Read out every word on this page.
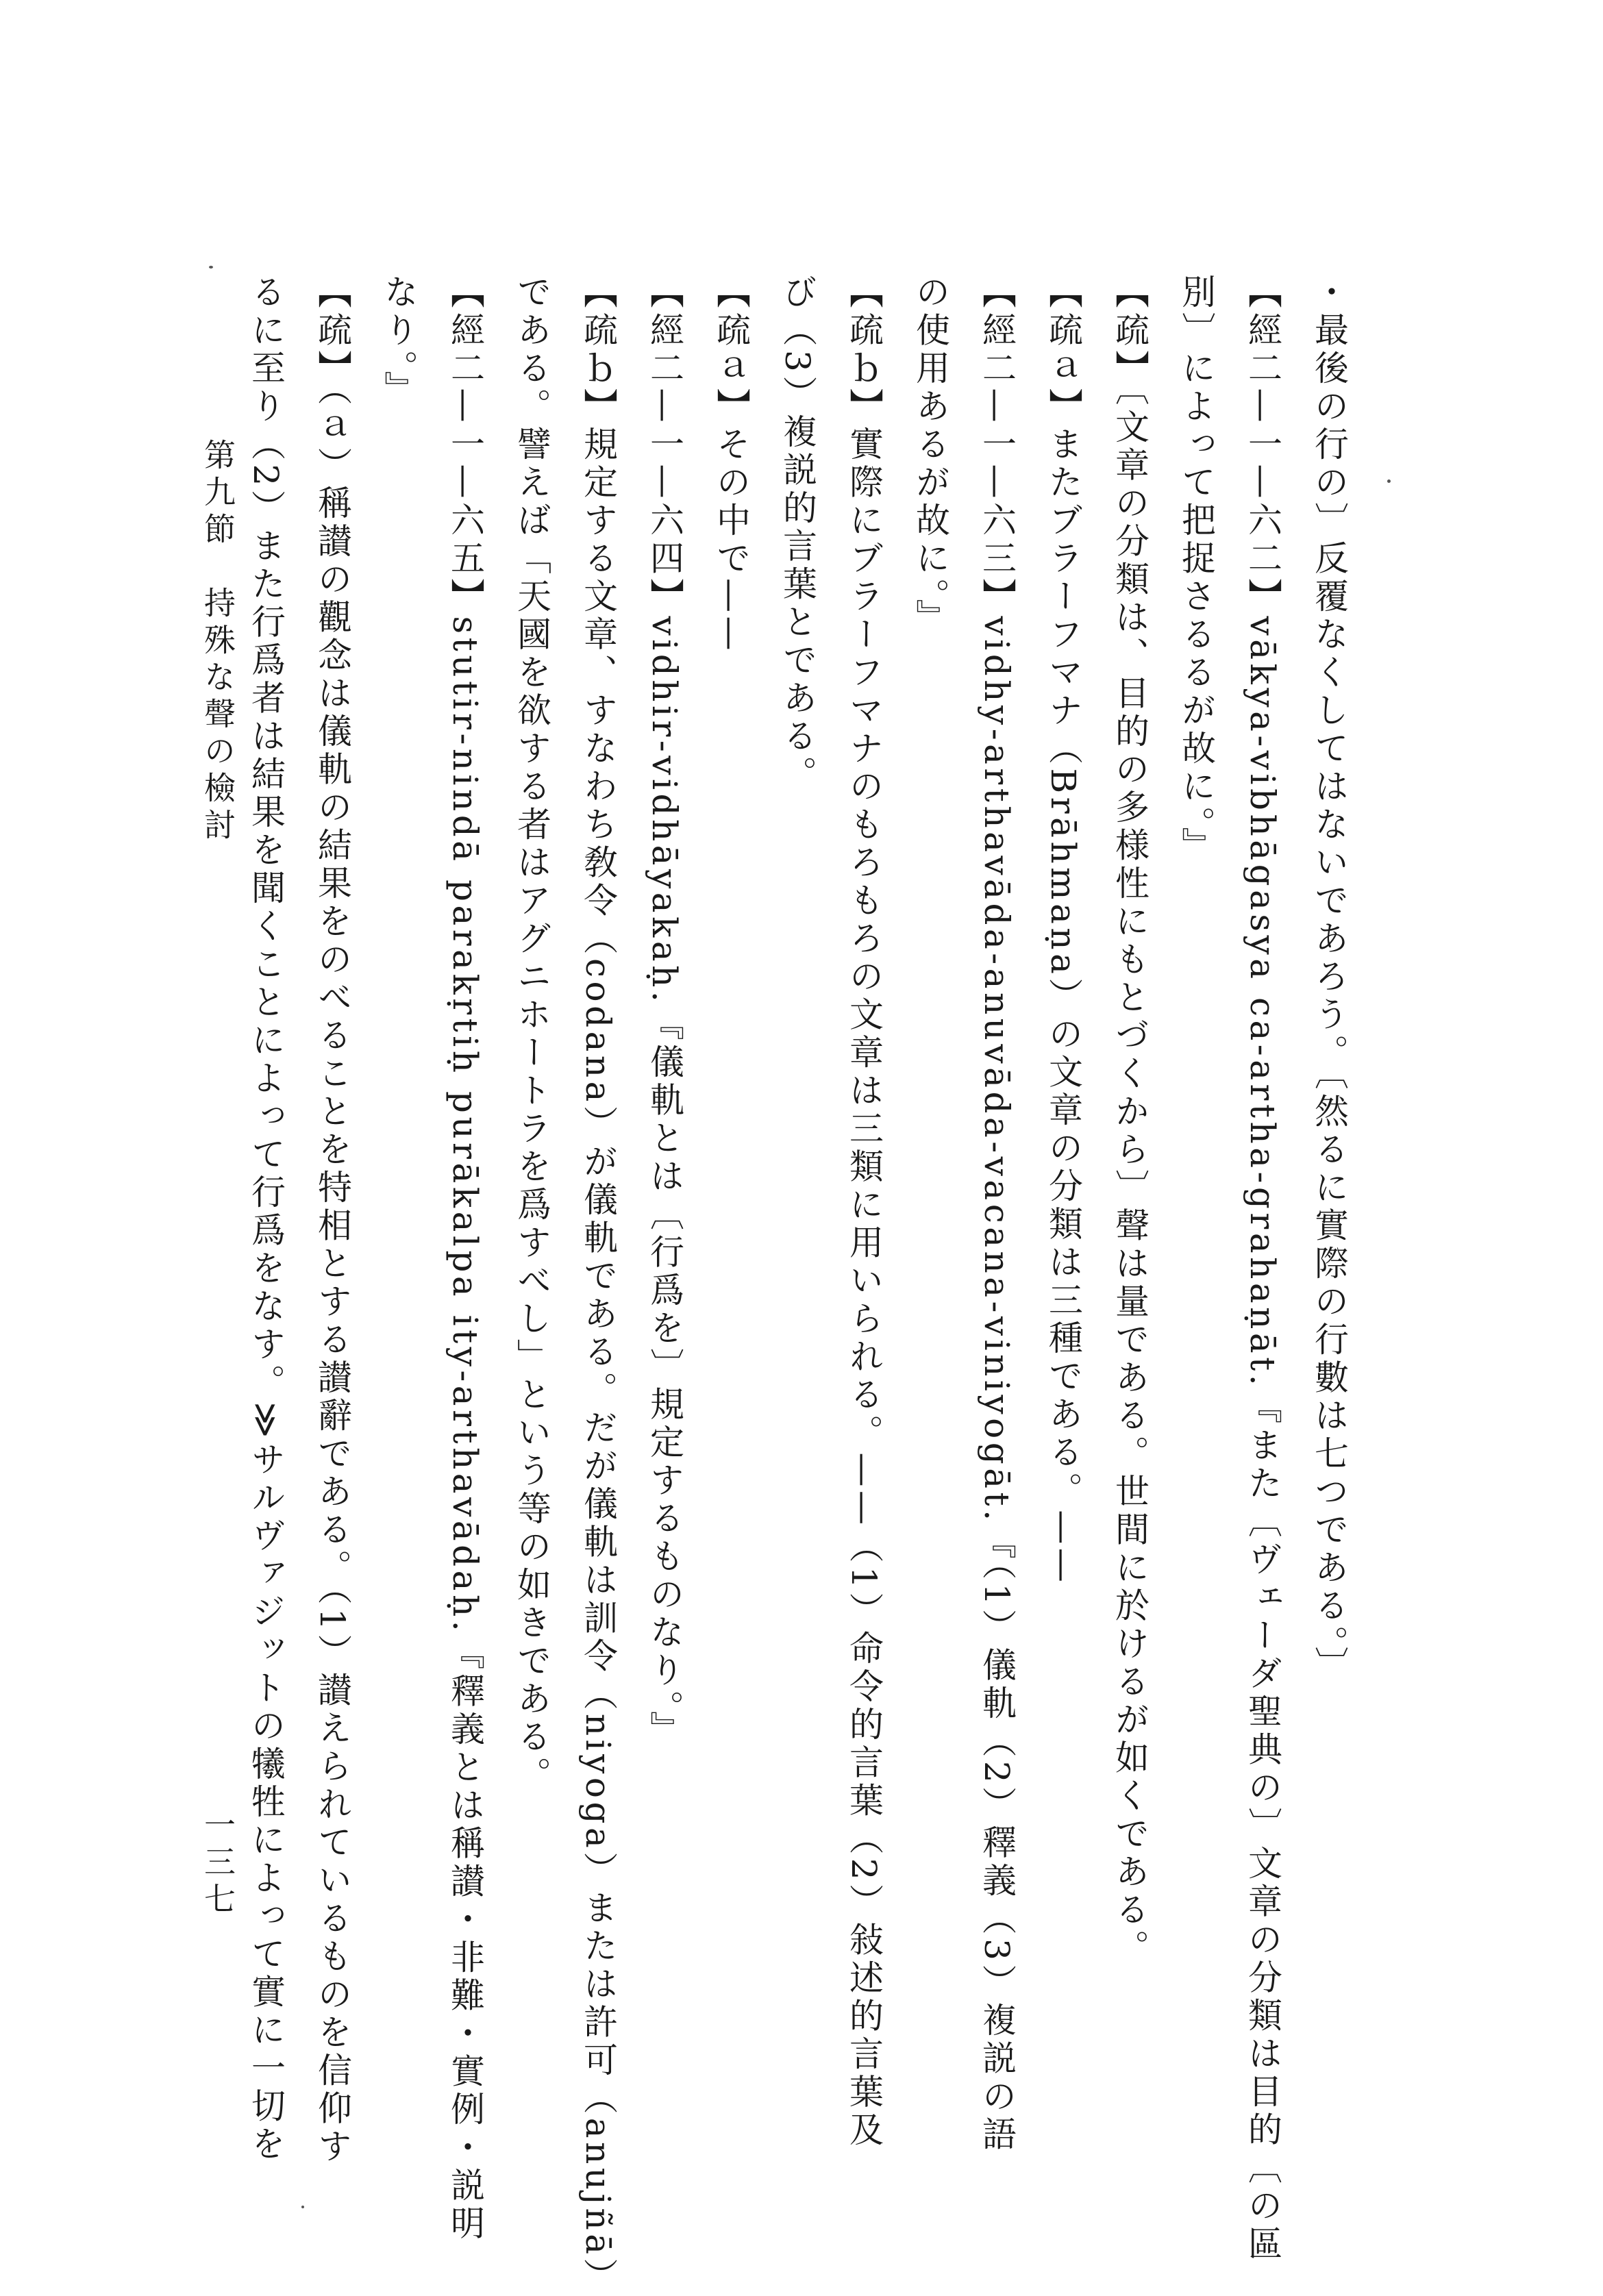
・最後の行の〕反覆なくしてはないであろう。〔然るに實際の行數は七つである。〕
【經二—一—六二】vākya-vibhāgasya ca-artha-grahaṇāt.『また〔ヴェーダ聖典の〕文章の分類は目的〔の區
別〕によって把捉さるるが故に。』
【疏】〔文章の分類は、目的の多様性にもとづくから〕聲は量である。世間に於けるが如くである。
【疏ａ】またブラーフマナ（Brāhmaṇa）の文章の分類は三種である。——
【經二—一—六三】vidhy-arthavāda-anuvāda-vacana-viniyogāt.『（1）儀軌（2）釋義（3）複説の語
の使用あるが故に。』
【疏ｂ】實際にブラーフマナのもろもろの文章は三類に用いられる。——（1）命令的言葉（2）敍述的言葉及
び（3）複説的言葉とである。
【疏ａ】その中で——
【經二—一—六四】vidhir-vidhāyakaḥ.『儀軌とは〔行爲を〕規定するものなり。』
【疏ｂ】規定する文章、すなわち敎令（codana）が儀軌である。だが儀軌は訓令（niyoga）または許可（anujñā）
である。譬えば「天國を欲する者はアグニホートラを爲すべし」という等の如きである。
【經二—一—六五】stutir-nindā parakṛtiḥ purākalpa ity-arthavādaḥ.『釋義とは稱讃・非難・實例・説明
なり。』
【疏】（ａ）稱讃の觀念は儀軌の結果をのべることを特相とする讃辭である。（1）讃えられているものを信仰す
るに至り（2）また行爲者は結果を聞くことによって行爲をなす。≫サルヴァジットの犧牲によって實に一切を
第九節　持殊な聲の檢討
一三七
